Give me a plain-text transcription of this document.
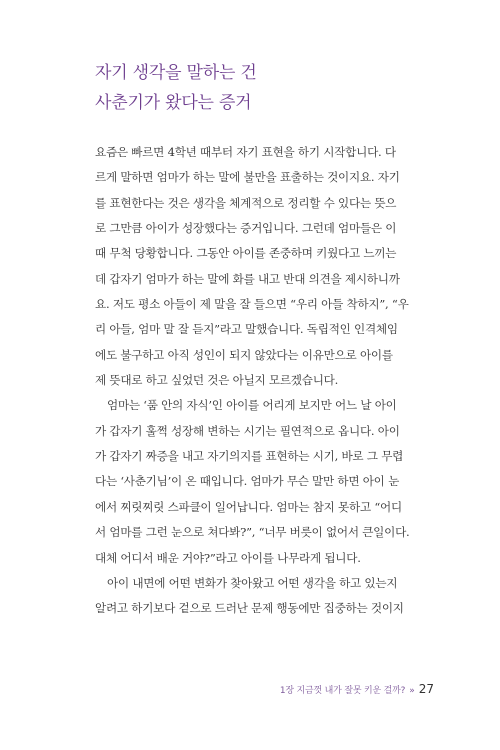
자기 생각을 말하는 건
사춘기가 왔다는 증거
요즘은 빠르면 4학년 때부터 자기 표현을 하기 시작합니다. 다
르게 말하면 엄마가 하는 말에 불만을 표출하는 것이지요. 자기
를 표현한다는 것은 생각을 체계적으로 정리할 수 있다는 뜻으
로 그만큼 아이가 성장했다는 증거입니다. 그런데 엄마들은 이
때 무척 당황합니다. 그동안 아이를 존중하며 키웠다고 느끼는
데 갑자기 엄마가 하는 말에 화를 내고 반대 의견을 제시하니까
요. 저도 평소 아들이 제 말을 잘 들으면 “우리 아들 착하지”, “우
리 아들, 엄마 말 잘 듣지”라고 말했습니다. 독립적인 인격체임
에도 불구하고 아직 성인이 되지 않았다는 이유만으로 아이를
제 뜻대로 하고 싶었던 것은 아닐지 모르겠습니다.
엄마는 ‘품 안의 자식’인 아이를 어리게 보지만 어느 날 아이
가 갑자기 훌쩍 성장해 변하는 시기는 필연적으로 옵니다. 아이
가 갑자기 짜증을 내고 자기의지를 표현하는 시기, 바로 그 무렵
다는 ‘사춘기님’이 온 때입니다. 엄마가 무슨 말만 하면 아이 눈
에서 찌릿찌릿 스파클이 일어납니다. 엄마는 참지 못하고 “어디
서 엄마를 그런 눈으로 쳐다봐?”, “너무 버릇이 없어서 큰일이다.
대체 어디서 배운 거야?”라고 아이를 나무라게 됩니다.
아이 내면에 어떤 변화가 찾아왔고 어떤 생각을 하고 있는지
알려고 하기보다 겉으로 드러난 문제 행동에만 집중하는 것이지
1장 지금껏 내가 잘못 키운 걸까? » 27
